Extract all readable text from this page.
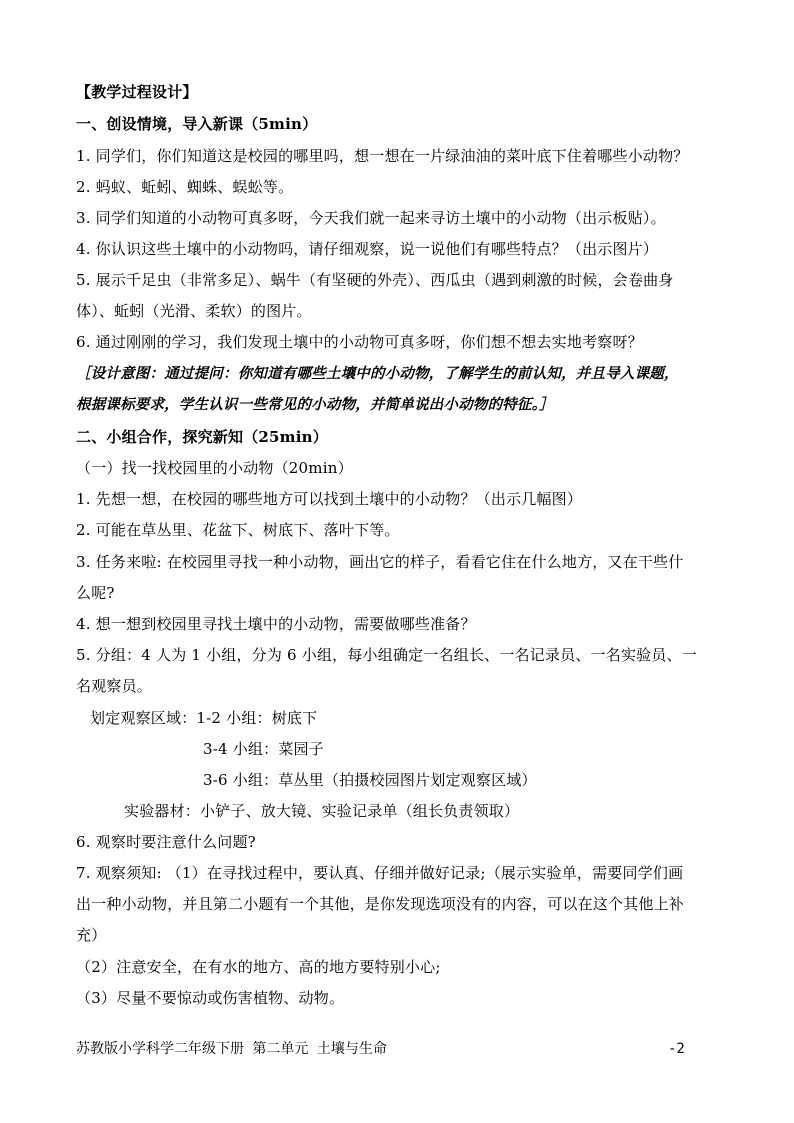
【教学过程设计】
一、创设情境，导入新课（5min）
1. 同学们，你们知道这是校园的哪里吗，想一想在一片绿油油的菜叶底下住着哪些小动物？
2. 蚂蚁、蚯蚓、蜘蛛、蜈蚣等。
3. 同学们知道的小动物可真多呀，今天我们就一起来寻访土壤中的小动物（出示板贴）。
4. 你认识这些土壤中的小动物吗，请仔细观察，说一说他们有哪些特点？（出示图片）
5. 展示千足虫（非常多足）、蜗牛（有坚硬的外壳）、西瓜虫（遇到刺激的时候，会卷曲身
体）、蚯蚓（光滑、柔软）的图片。
6. 通过刚刚的学习，我们发现土壤中的小动物可真多呀，你们想不想去实地考察呀？
［设计意图：通过提问：你知道有哪些土壤中的小动物，了解学生的前认知，并且导入课题，
根据课标要求，学生认识一些常见的小动物，并简单说出小动物的特征。］
二、小组合作，探究新知（25min）
（一）找一找校园里的小动物（20min）
1. 先想一想，在校园的哪些地方可以找到土壤中的小动物？（出示几幅图）
2. 可能在草丛里、花盆下、树底下、落叶下等。
3. 任务来啦: 在校园里寻找一种小动物，画出它的样子，看看它住在什么地方，又在干些什
么呢?
4. 想一想到校园里寻找土壤中的小动物，需要做哪些准备？
5. 分组：4 人为 1 小组，分为 6 小组，每小组确定一名组长、一名记录员、一名实验员、一
名观察员。
划定观察区域：1-2 小组：树底下
3-4 小组：菜园子
3-6 小组：草丛里（拍摄校园图片划定观察区域）
实验器材：小铲子、放大镜、实验记录单（组长负责领取）
6. 观察时要注意什么问题?
7. 观察须知: （1）在寻找过程中，要认真、仔细并做好记录;（展示实验单，需要同学们画
出一种小动物，并且第二小题有一个其他，是你发现选项没有的内容，可以在这个其他上补
充）
（2）注意安全，在有水的地方、高的地方要特别小心;
（3）尽量不要惊动或伤害植物、动物。
苏教版小学科学二年级下册 第二单元 土壤与生命	-2
